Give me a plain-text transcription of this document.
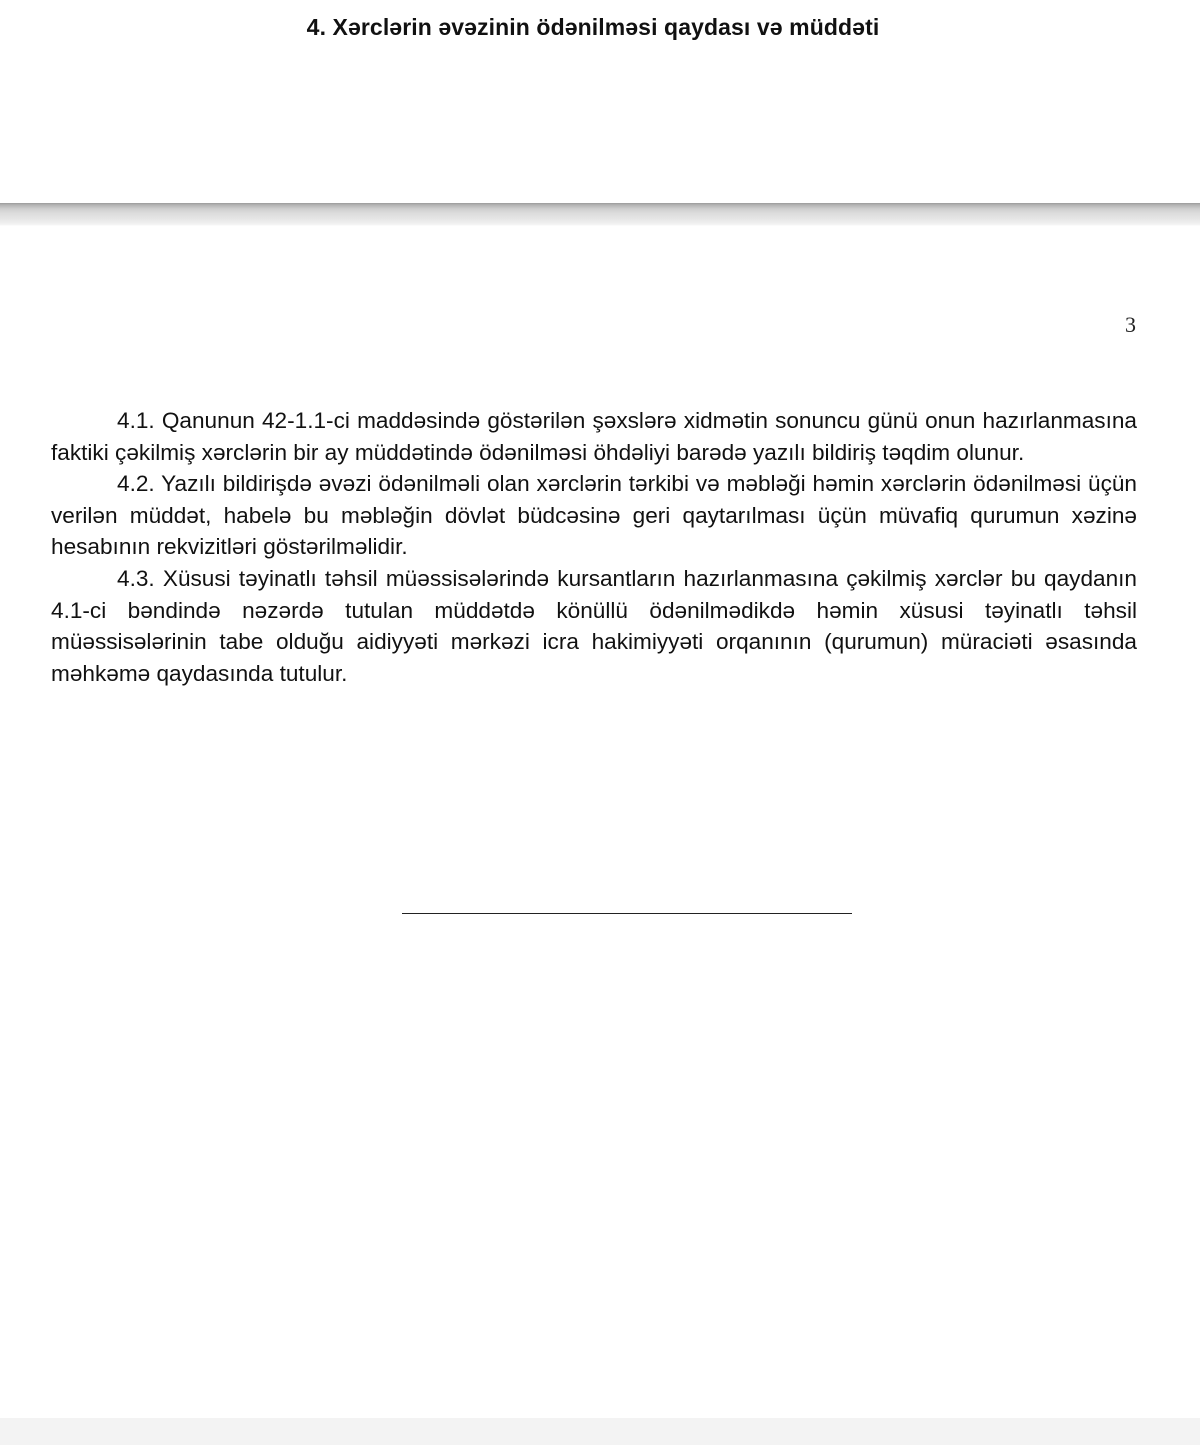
4. Xərclərin əvəzinin ödənilməsi qaydası və müddəti
3

4.1. Qanunun 42-1.1-ci maddəsində göstərilən şəxslərə xidmətin sonuncu günü onun hazırlanmasına faktiki çəkilmiş xərclərin bir ay müddətində ödənilməsi öhdəliyi barədə yazılı bildiriş təqdim olunur.

4.2. Yazılı bildirişdə əvəzi ödənilməli olan xərclərin tərkibi və məbləği həmin xərclərin ödənilməsi üçün verilən müddət, habelə bu məbləğin dövlət büdcəsinə geri qaytarılması üçün müvafiq qurumun xəzinə hesabının rekvizitləri göstərilməlidir.

4.3. Xüsusi təyinatlı təhsil müəssisələrində kursantların hazırlanmasına çəkilmiş xərclər bu qaydanın 4.1-ci bəndində nəzərdə tutulan müddətdə könüllü ödənilmədikdə həmin xüsusi təyinatlı təhsil müəssisələrinin tabe olduğu aidiyyəti mərkəzi icra hakimiyyəti orqanının (qurumun) müraciəti əsasında məhkəmə qaydasında tutulur.
